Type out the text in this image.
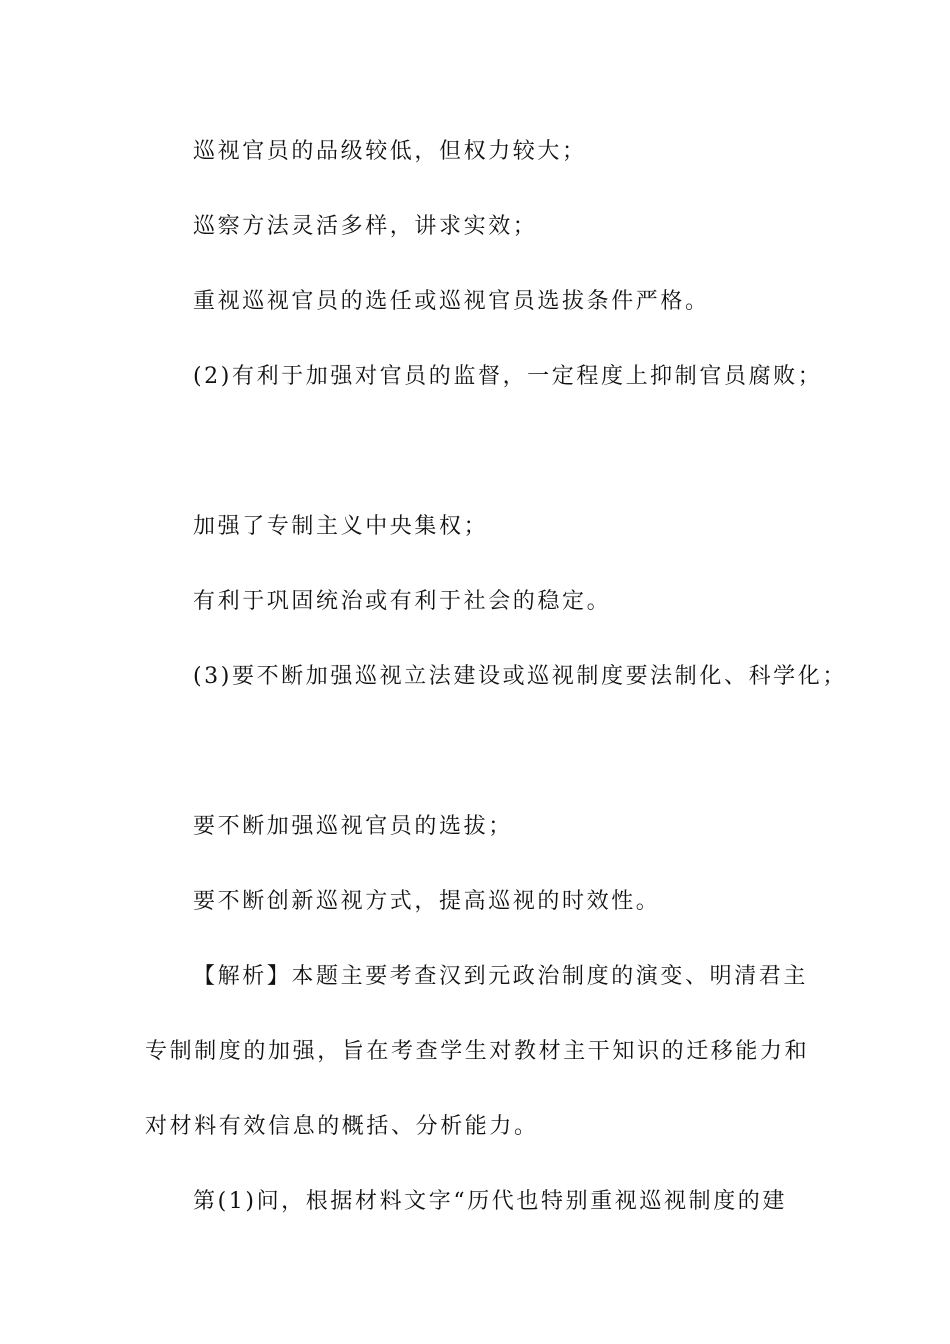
巡视官员的品级较低，但权力较大；

巡察方法灵活多样，讲求实效；

重视巡视官员的选任或巡视官员选拔条件严格。

(2)有利于加强对官员的监督，一定程度上抑制官员腐败；

加强了专制主义中央集权；

有利于巩固统治或有利于社会的稳定。

(3)要不断加强巡视立法建设或巡视制度要法制化、科学化；

要不断加强巡视官员的选拔；

要不断创新巡视方式，提高巡视的时效性。

【解析】本题主要考查汉到元政治制度的演变、明清君主

专制制度的加强，旨在考查学生对教材主干知识的迁移能力和

对材料有效信息的概括、分析能力。

第(1)问，根据材料文字“历代也特别重视巡视制度的建
